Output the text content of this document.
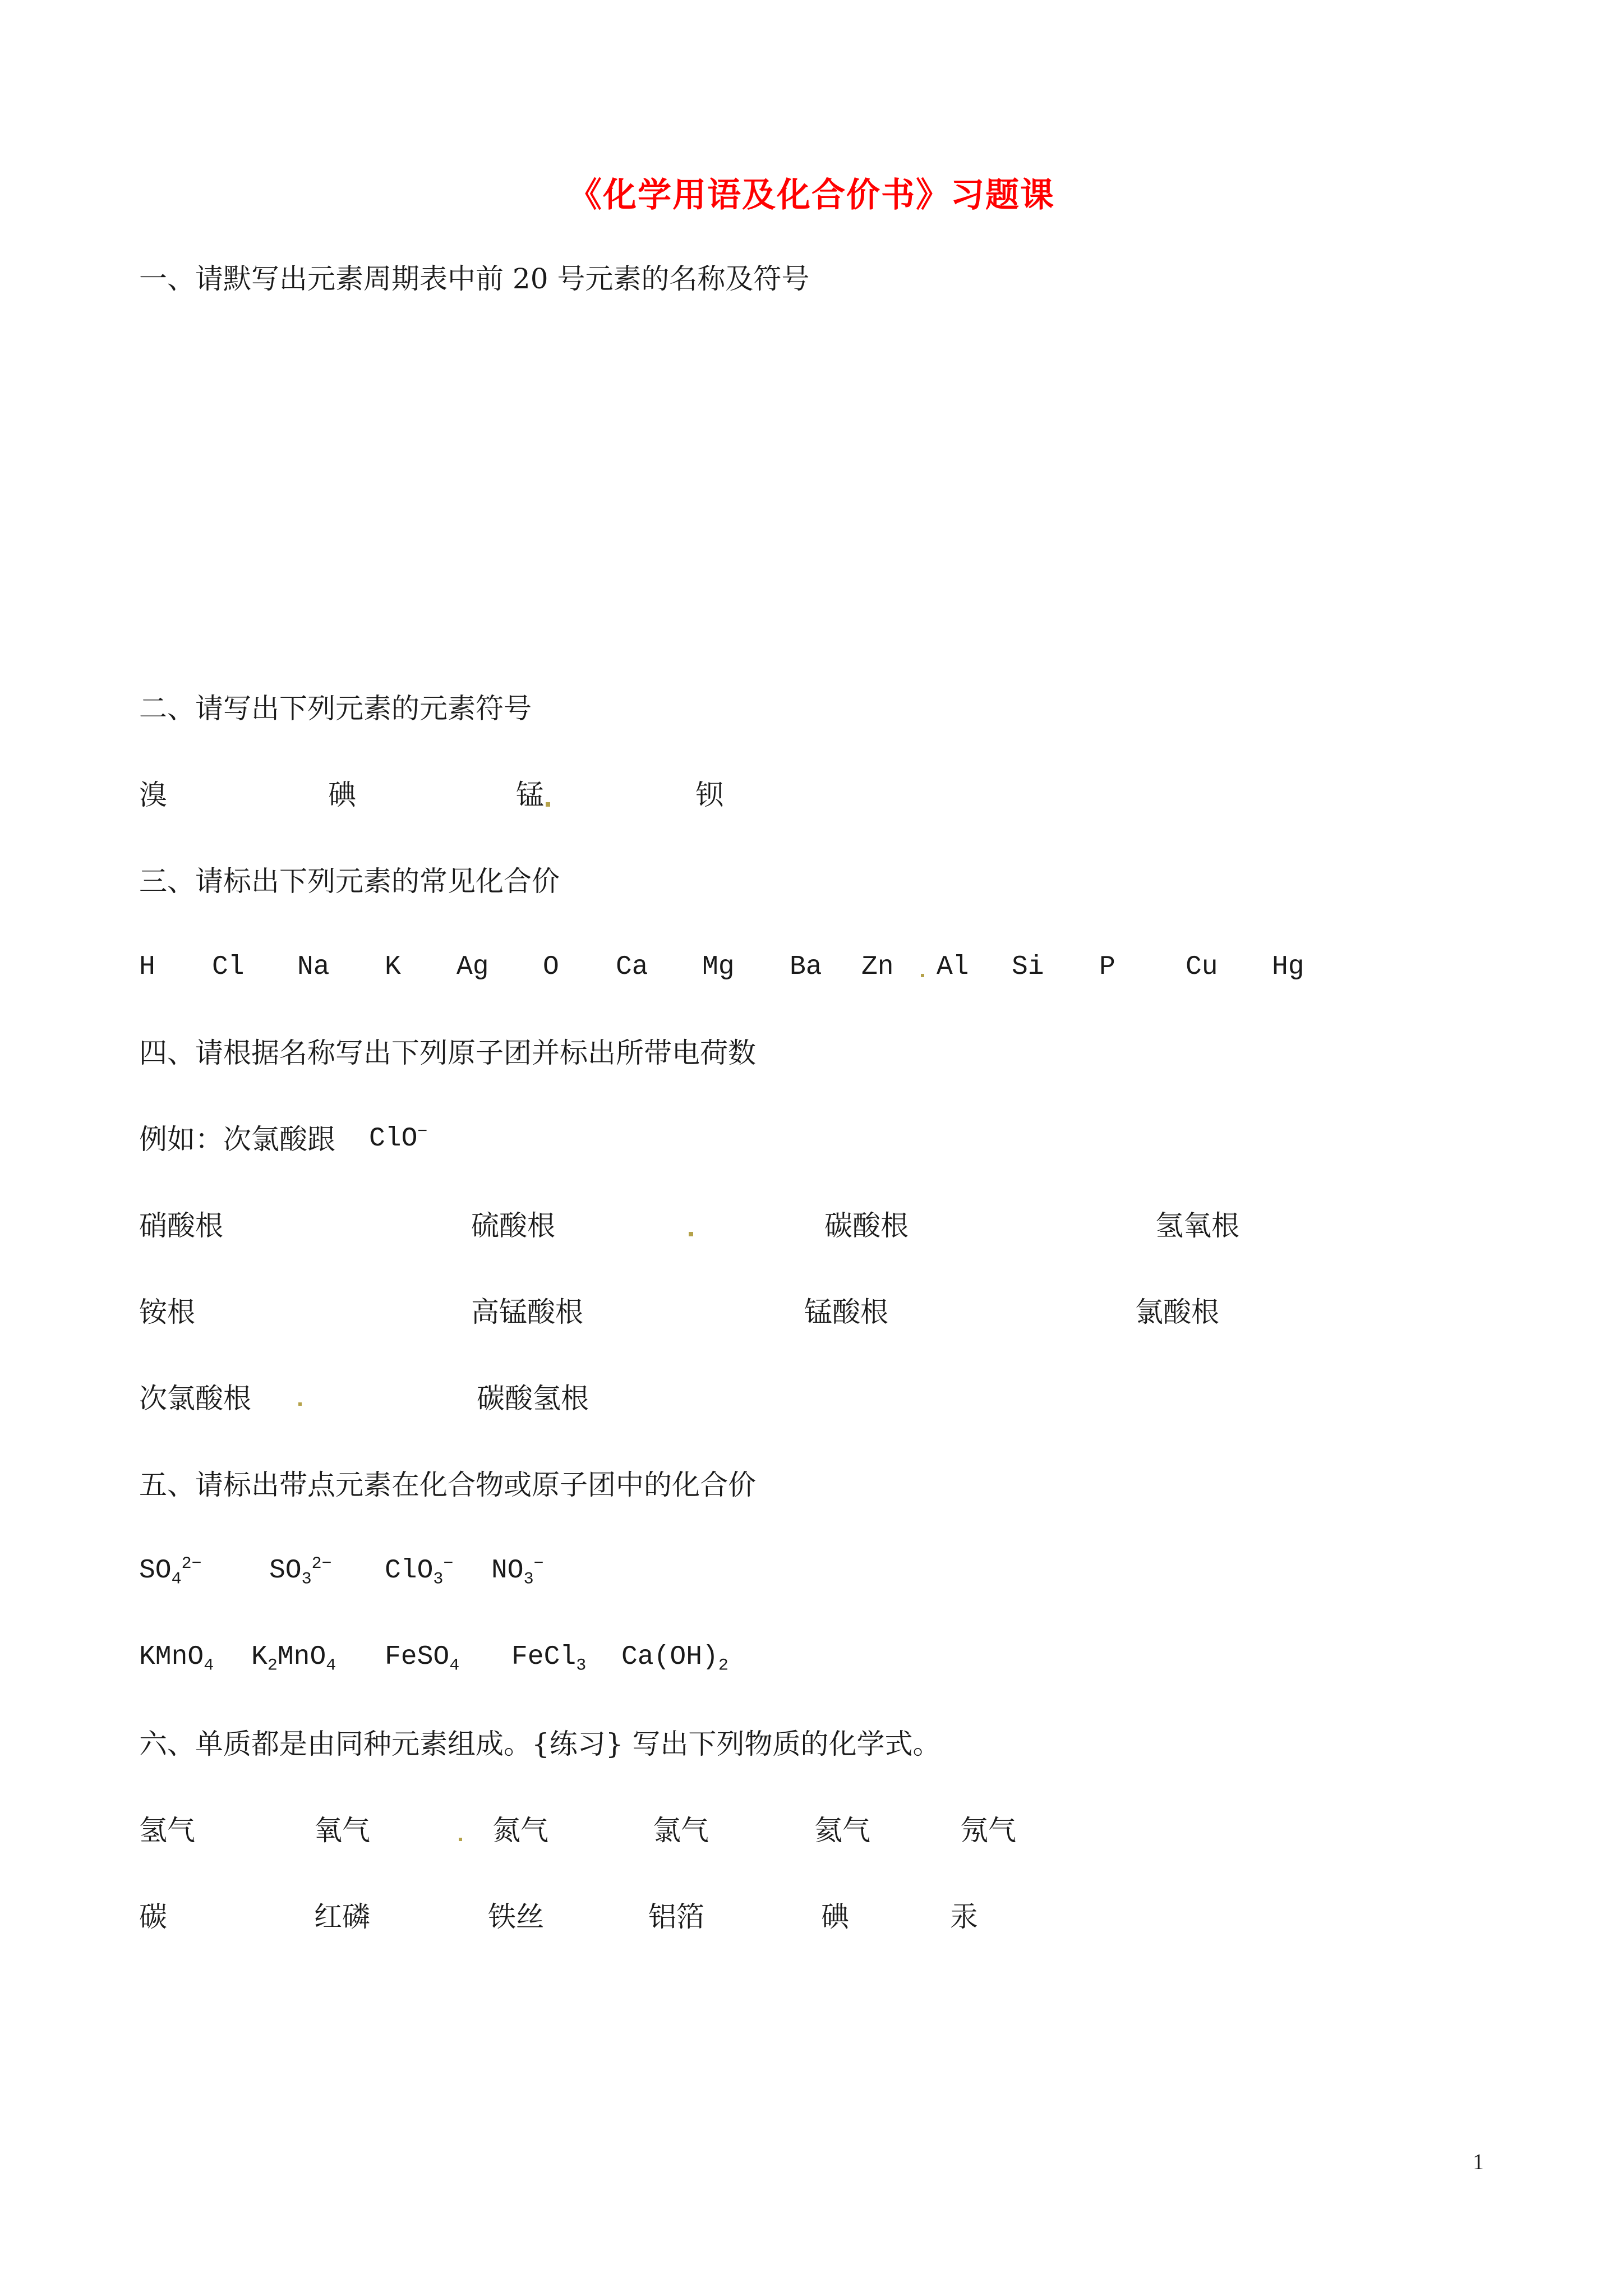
《化学用语及化合价书》习题课
一、请默写出元素周期表中前 20 号元素的名称及符号
二、请写出下列元素的元素符号
溴	碘	锰	钡
三、请标出下列元素的常见化合价
H Cl Na K Ag O Ca Mg Ba Zn Al Si P	Cu Hg
四、请根据名称写出下列原子团并标出所带电荷数
例如：次氯酸跟 ClO−
硝酸根	硫酸根	碳酸根	氢氧根
铵根	高锰酸根	锰酸根	氯酸根
次氯酸根	碳酸氢根
五、请标出带点元素在化合物或原子团中的化合价
$SO_4^{2-}$	$SO_3^{2-}$ ClO$_3$− $NO_3^-$
KMnO$_4$ $K_2MnO_4$ FeSO$_4$ FeCl$_3$ $Ca(OH)_2$
六、单质都是由同种元素组成。{练习} 写出下列物质的化学式。
氢气	氧气	氮气	氯气	氦气	氖气
碳	红磷	铁丝	铝箔	碘	汞
1
